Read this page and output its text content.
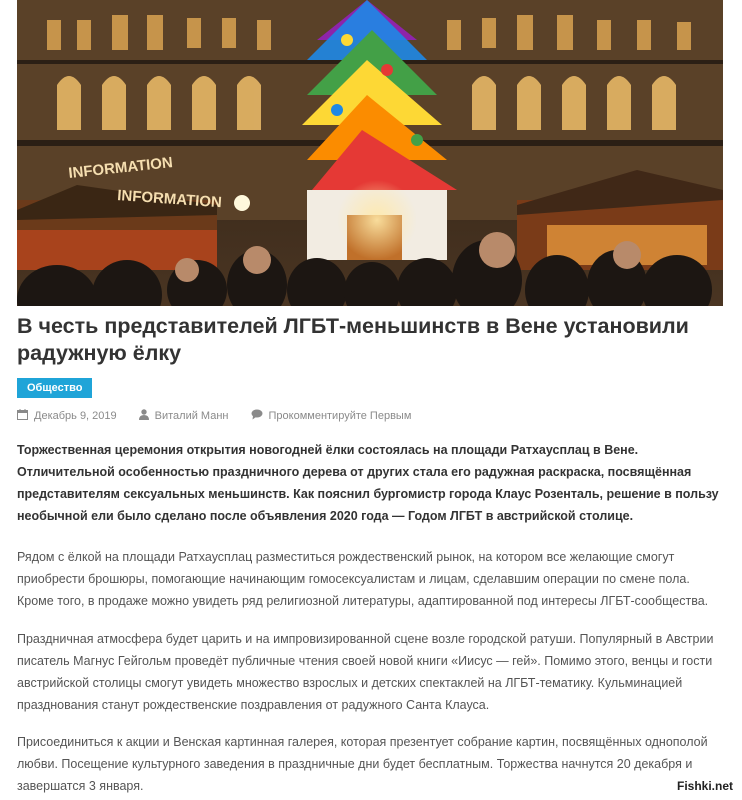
INFORMATION
INFORMATION
В честь представителей ЛГБТ-меньшинств в Вене установили радужную ёлку
Общество
Декабрь 9, 2019	Виталий Манн	Прокомментируйте Первым

Торжественная церемония открытия новогодней ёлки состоялась на площади Ратхаусплац в Вене. Отличительной особенностью праздничного дерева от других стала его радужная раскраска, посвящённая представителям сексуальных меньшинств. Как пояснил бургомистр города Клаус Розенталь, решение в пользу необычной ели было сделано после объявления 2020 года — Годом ЛГБТ в австрийской столице.

Рядом с ёлкой на площади Ратхаусплац разместиться рождественский рынок, на котором все желающие смогут приобрести брошюры, помогающие начинающим гомосексуалистам и лицам, сделавшим операции по смене пола. Кроме того, в продаже можно увидеть ряд религиозной литературы, адаптированной под интересы ЛГБТ-сообщества.

Праздничная атмосфера будет царить и на импровизированной сцене возле городской ратуши. Популярный в Австрии писатель Магнус Гейгольм проведёт публичные чтения своей новой книги «Иисус — гей». Помимо этого, венцы и гости австрийской столицы смогут увидеть множество взрослых и детских спектаклей на ЛГБТ-тематику. Кульминацией празднования станут рождественские поздравления от радужного Санта Клауса.

Присоединиться к акции и Венская картинная галерея, которая презентует собрание картин, посвящённых однополой любви. Посещение культурного заведения в праздничные дни будет бесплатным. Торжества начнутся 20 декабря и завершатся 3 января.	Fishki.net
